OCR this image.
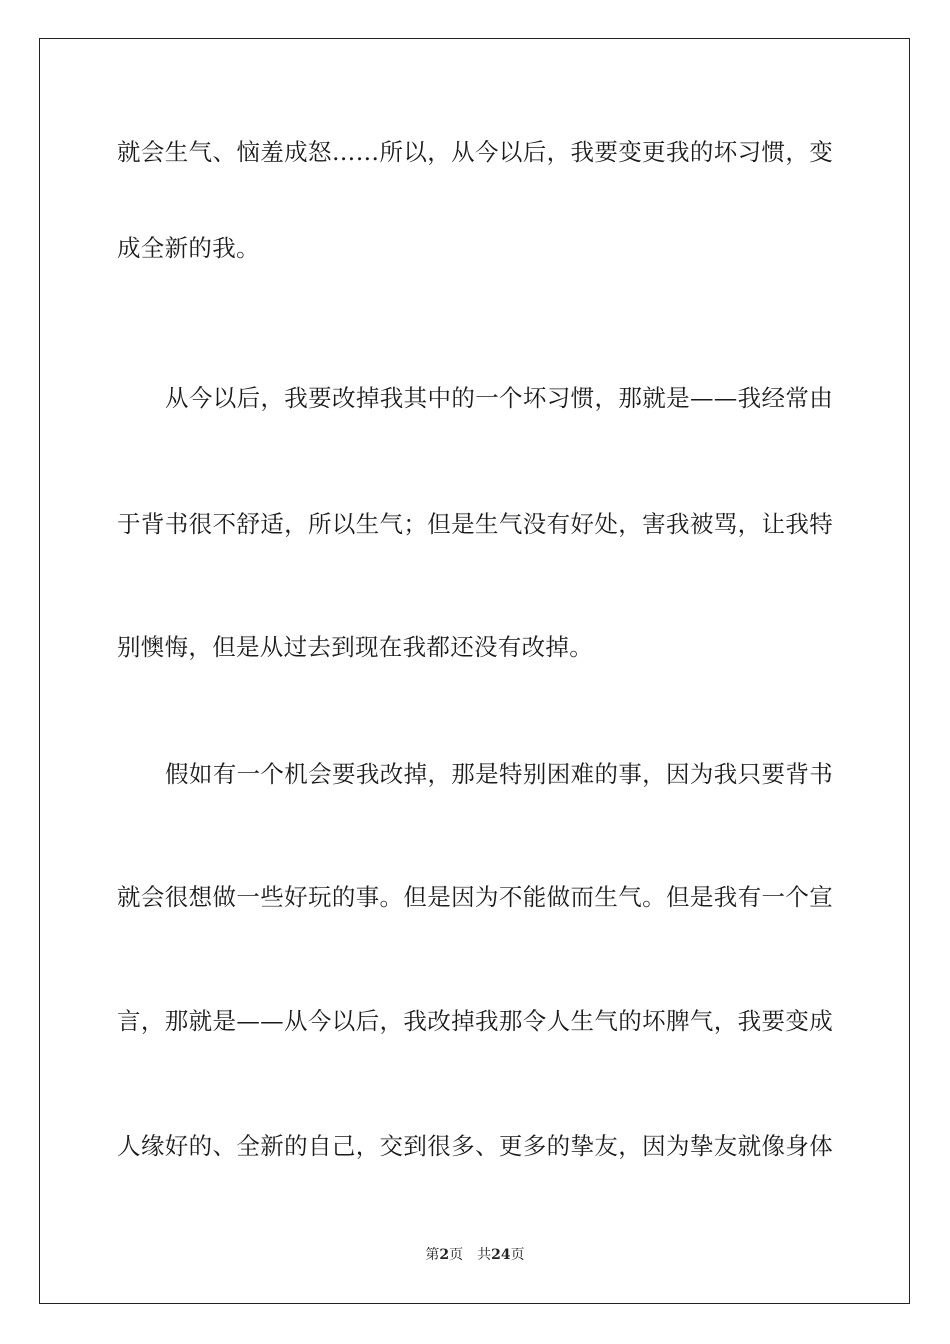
就会生气、恼羞成怒……所以，从今以后，我要变更我的坏习惯，变
成全新的我。
从今以后，我要改掉我其中的一个坏习惯，那就是——我经常由
于背书很不舒适，所以生气；但是生气没有好处，害我被骂，让我特
别懊悔，但是从过去到现在我都还没有改掉。
假如有一个机会要我改掉，那是特别困难的事，因为我只要背书
就会很想做一些好玩的事。但是因为不能做而生气。但是我有一个宣
言，那就是——从今以后，我改掉我那令人生气的坏脾气，我要变成
人缘好的、全新的自己，交到很多、更多的挚友，因为挚友就像身体
第2页 共24页
